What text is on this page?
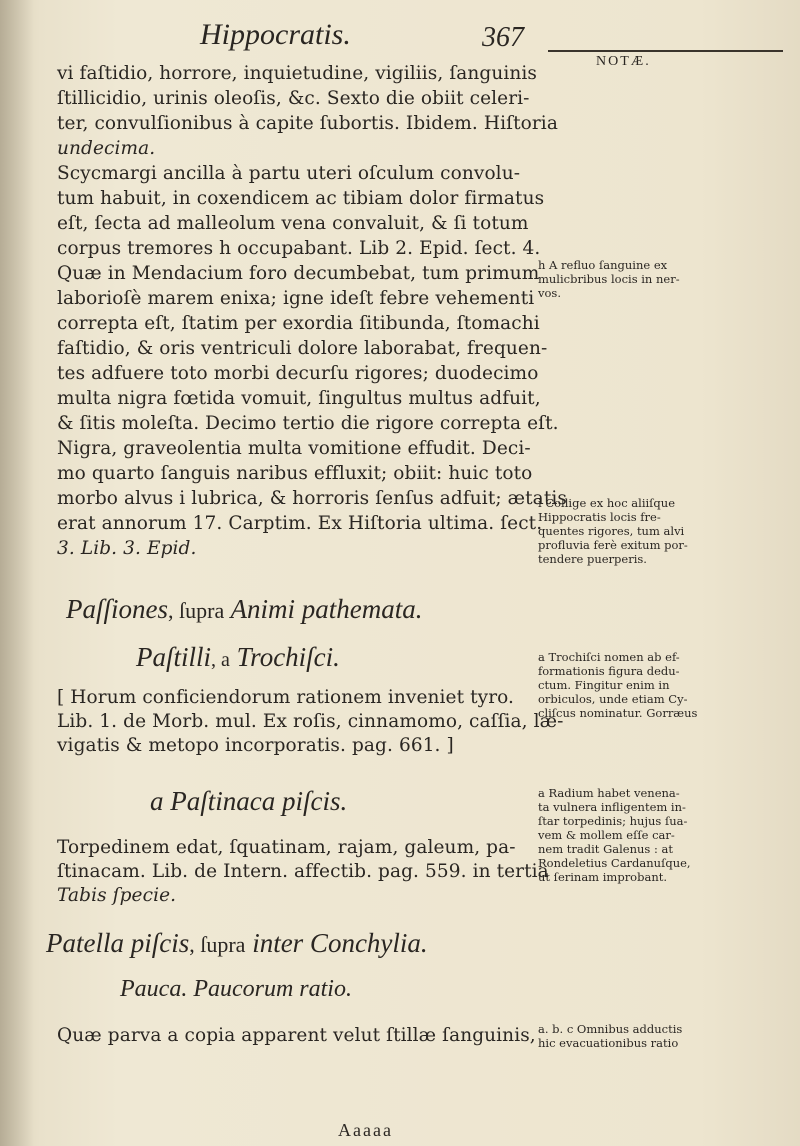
Hippocratis.	367
NOTÆ.
vi faſtidio, horrore, inquietudine, vigiliis, ſanguinis
ſtillicidio, urinis oleoſis, &c. Sexto die obiit celeri-
ter, convulſionibus à capite ſubortis. Ibidem. Hiſtoria
undecima.
Scycmargi ancilla à partu uteri oſculum convolu-
tum habuit, in coxendicem ac tibiam dolor firmatus
eſt, ſecta ad malleolum vena convaluit, & ſi totum
corpus tremores h occupabant. Lib 2. Epid. ſect. 4.
Quæ in Mendacium foro decumbebat, tum primum
laborioſè marem enixa; igne ideſt febre vehementi
correpta eſt, ſtatim per exordia ſitibunda, ſtomachi
faſtidio, & oris ventriculi dolore laborabat, frequen-
tes adfuere toto morbi decurſu rigores; duodecimo
multa nigra fœtida vomuit, ſingultus multus adfuit,
& ſitis moleſta. Decimo tertio die rigore correpta eſt.
Nigra, graveolentia multa vomitione effudit. Deci-
mo quarto ſanguis naribus effluxit; obiit: huic toto
morbo alvus i lubrica, & horroris ſenſus adfuit; ætatis
erat annorum 17. Carptim. Ex Hiſtoria ultima. ſect.
3. Lib. 3. Epid.
h A refluo ſanguine ex
mulicbribus locis in ner-
vos.
i Collige ex hoc aliiſque
Hippocratis locis fre-
quentes rigores, tum alvi
profluvia ferè exitum por-
tendere puerperis.
a Trochiſci nomen ab ef-
formationis figura dedu-
ctum. Fingitur enim in
orbiculos, unde etiam Cy-
cliſcus nominatur. Gorræus
a Radium habet venena-
ta vulnera infligentem in-
ſtar torpedinis; hujus ſua-
vem & mollem eſſe car-
nem tradit Galenus : at
Rondeletius Cardanuſque,
ut ſerinam improbant.
a. b. c Omnibus adductis
hic evacuationibus ratio
Paſſiones, ſupra Animi pathemata.
Paſtilli, a Trochiſci.
[ Horum conficiendorum rationem inveniet tyro.
Lib. 1. de Morb. mul. Ex roſis, cinnamomo, caſſia, læ-
vigatis & metopo incorporatis. pag. 661. ]
a Paſtinaca piſcis.
Torpedinem edat, ſquatinam, rajam, galeum, pa-
ſtinacam. Lib. de Intern. affectib. pag. 559. in tertia
Tabis ſpecie.
Patella piſcis, ſupra inter Conchylia.
Pauca. Paucorum ratio.
Quæ parva a copia apparent velut ſtillæ ſanguinis,
Aaaaa
